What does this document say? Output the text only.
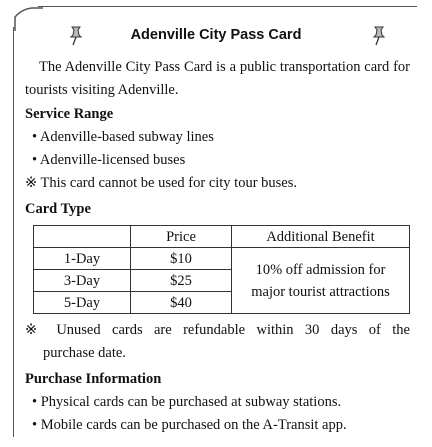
Adenville City Pass Card
The Adenville City Pass Card is a public transportation card for tourists visiting Adenville.
Service Range
• Adenville-based subway lines
• Adenville-licensed buses
※ This card cannot be used for city tour buses.
Card Type
	Price	Additional Benefit
1-Day	$10	10% off admission for major tourist attractions
3-Day	$25	
5-Day	$40	
※ Unused cards are refundable within 30 days of the
purchase date.
Purchase Information
• Physical cards can be purchased at subway stations.
• Mobile cards can be purchased on the A-Transit app.
